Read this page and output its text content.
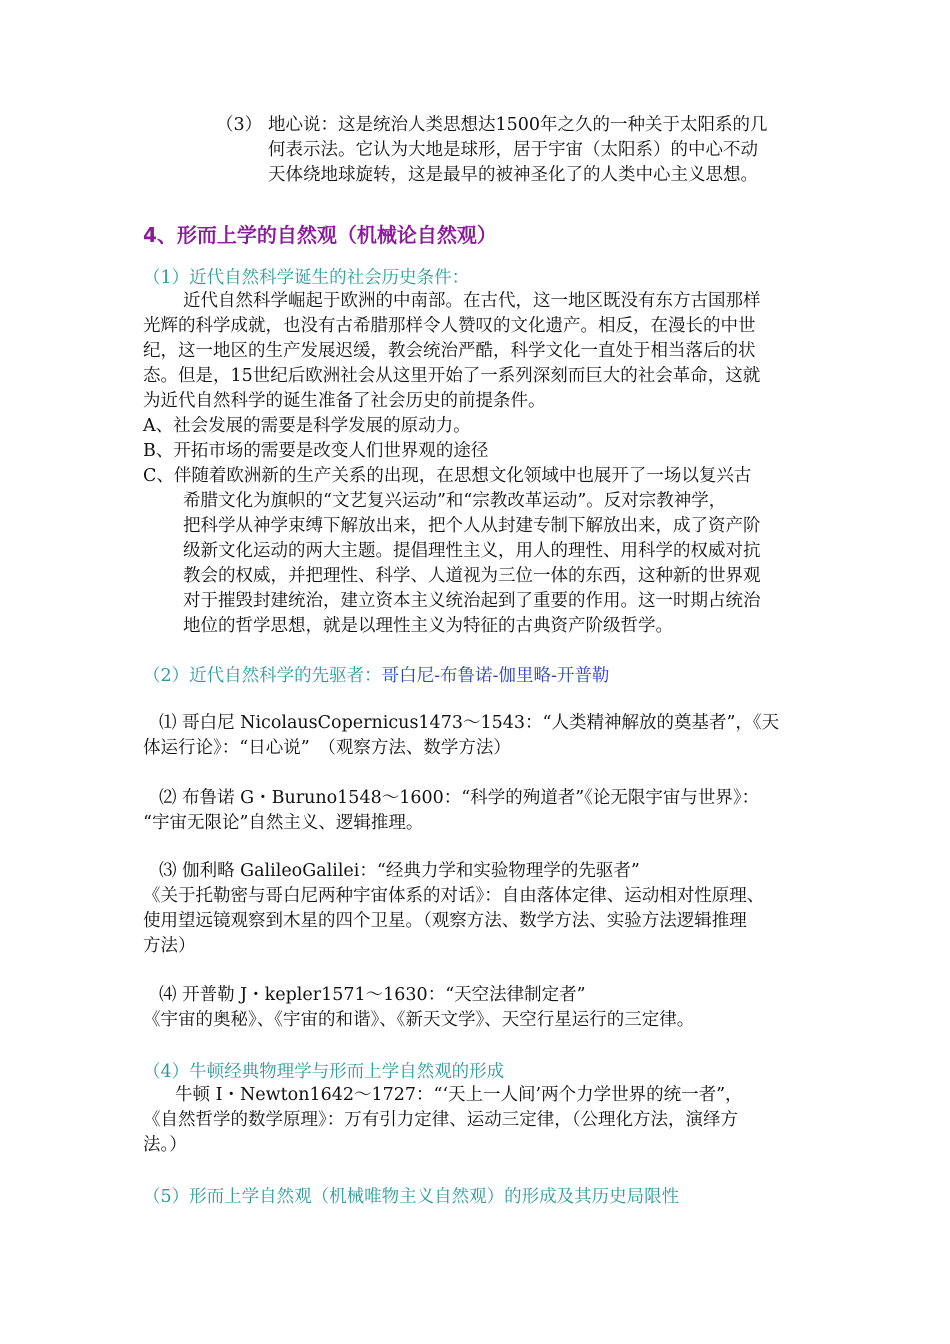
（3） 地心说：这是统治人类思想达1500年之久的一种关于太阳系的几
何表示法。它认为大地是球形，居于宇宙（太阳系）的中心不动
天体绕地球旋转，这是最早的被神圣化了的人类中心主义思想。
4、形而上学的自然观（机械论自然观）
（1）近代自然科学诞生的社会历史条件：
近代自然科学崛起于欧洲的中南部。在古代，这一地区既没有东方古国那样
光辉的科学成就，也没有古希腊那样令人赞叹的文化遗产。相反，在漫长的中世
纪，这一地区的生产发展迟缓，教会统治严酷，科学文化一直处于相当落后的状
态。但是，15世纪后欧洲社会从这里开始了一系列深刻而巨大的社会革命，这就
为近代自然科学的诞生准备了社会历史的前提条件。
A、社会发展的需要是科学发展的原动力。
B、开拓市场的需要是改变人们世界观的途径
C、伴随着欧洲新的生产关系的出现，在思想文化领域中也展开了一场以复兴古
希腊文化为旗帜的“文艺复兴运动”和“宗教改革运动”。反对宗教神学，
把科学从神学束缚下解放出来，把个人从封建专制下解放出来，成了资产阶
级新文化运动的两大主题。提倡理性主义，用人的理性、用科学的权威对抗
教会的权威，并把理性、科学、人道视为三位一体的东西，这种新的世界观
对于摧毁封建统治，建立资本主义统治起到了重要的作用。这一时期占统治
地位的哲学思想，就是以理性主义为特征的古典资产阶级哲学。
（2）近代自然科学的先驱者：哥白尼-布鲁诺-伽里略-开普勒
⑴ 哥白尼 NicolausCopernicus1473～1543：“人类精神解放的奠基者”，《天
体运行论》：“日心说”　（观察方法、数学方法）
⑵ 布鲁诺 G・Buruno1548～1600：“科学的殉道者”《论无限宇宙与世界》：
“宇宙无限论”自然主义、逻辑推理。
⑶ 伽利略 GalileoGalilei：“经典力学和实验物理学的先驱者”
《关于托勒密与哥白尼两种宇宙体系的对话》：自由落体定律、运动相对性原理、
使用望远镜观察到木星的四个卫星。（观察方法、数学方法、实验方法逻辑推理
方法）
⑷ 开普勒 J・kepler1571～1630：“天空法律制定者”
《宇宙的奥秘》、《宇宙的和谐》、《新天文学》、天空行星运行的三定律。
（4）牛顿经典物理学与形而上学自然观的形成
牛顿 I・Newton1642～1727：“‘天上一人间’两个力学世界的统一者”，
《自然哲学的数学原理》：万有引力定律、运动三定律，（公理化方法，演绎方
法。）
（5）形而上学自然观（机械唯物主义自然观）的形成及其历史局限性
